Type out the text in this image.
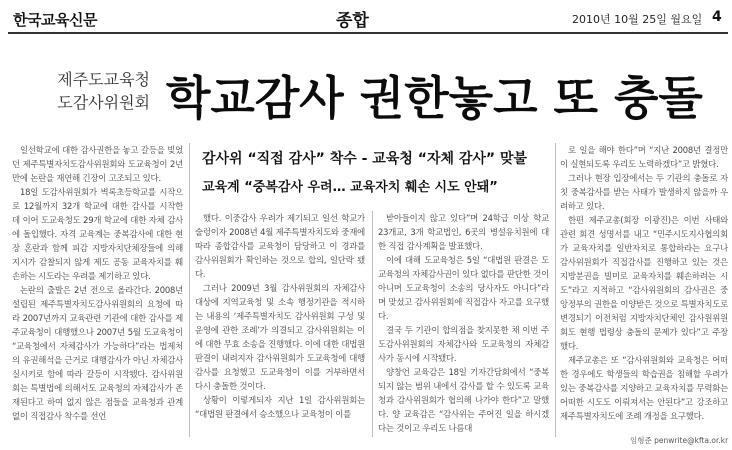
한국교육신문	종합	2010년 10월 25일 월요일 4
제주도교육청
도감사위원회 학교감사 권한놓고 또 충돌
감사위 “직접 감사” 착수 - 교육청 “자체 감사” 맞불
교육계 “중복감사 우려… 교육자치 훼손 시도 안돼”

일선학교에 대한 감사권한을 놓고 갈등을 빚었던 제주특별자치도감사위원회와 도교육청이 2년만에 논란을 재연해 긴장이 고조되고 있다.

18일 도감사위원회가 벽록초등학교를 시작으로 12월까지 32개 학교에 대한 감사를 시작한 데 이어 도교육청도 29개 학교에 대한 자체 감사에 돌입했다. 자격 교육계는 중복감사에 대한 현장 혼란과 함께 피감 지방자치단체장들에 의해 지시가 감찰되지 않게 제도 공동 교육자치를 훼손하는 시도라는 우려를 제기하고 있다.

논란의 출발은 2년 전으로 올라간다. 2008년 설립된 제주특별자치도감사위원회의 요청에 따라 2007년까지 교육관련 기관에 대한 감사를 제주교육청이 대행했으나 2007년 5월 도교육청이 “교육청에서 자체감사가 가능하다”라는 법제처의 유권해석을 근거로 대행감사가 아닌 자체감사 실시키로 함에 따라 갈등이 시작됐다. 감사위원회는 특별법에 의해서도 교육청의 자체감사가 존재된다고 하여 없지 않은 점들을 교육청과 관계없이 직접감사 착수를 선언

했다. 이중감사 우려가 제기되고 일선 학교가 술렁이자 2008년 4월 제주특별자치도와 중재에 따라 종합감사를 교육청이 담당하고 이 경과를 감사위원회가 확인하는 것으로 합의, 일단락 됐다.

그러나 2009년 3월 감사위원회의 자체감사 대상에 지역교육청 및 소속 행정기관을 적시하는 내용의 ‘제주특별자치도 감사위원회 구성 및 운영에 관한 조례’가 의결되고 감사위원회는 이에 대한 무효 소송을 진행했다. 이에 대한 대법원 판결이 내려지자 감사위원회가 도교육청에 대행감사를 요청했고 도교육청이 이를 거부하면서 다시 충돌한 것이다.

상황이 이렇게되자 지난 1일 감사위원회는 “대법원 판결에서 승소했으나 교육청이 이를

받아들이지 않고 있다”며 24학급 이상 학교 23개교, 3개 학교법인, 6곳의 병설유치원에 대한 직접 감사계획을 발표했다.

이에 대해 도교육청은 5일 “대법원 판결은 도교육청의 자체감사권이 있다 없다를 판단한 것이 아니며 도교육청이 소송의 당사자도 아니다”라며 맞섰고 감사위원회에 직접감사 자고를 요구했다.

결국 두 기관이 합의점을 찾지못한 채 이번 주 도감사위원회의 자체감사와 도교육청의 자체감사가 동시에 시작됐다.

양창언 교육감은 18일 기자간담회에서 “중복되지 않는 범위 내에서 감사를 할 수 있도록 교육청과 감사위원회가 협의해 나가야 한다”고 말했다. 양 교육감은 “감사위는 주어진 일을 하시겠다는 것이고 우리도 나름대

로 일을 해야 한다”며 “지난 2008년 결정만이 실현되도록 우리도 노력하겠다”고 밝혔다.

그러나 현장 입장에서는 두 기관의 충돌로 자칫 중복감사를 받는 사태가 발생하지 않을까 우려하고 있다.

한편 제주교총(회장 이광진)은 이번 사태와 관련 회견 성명서를 내고 “민주시도지사협의회가 교육자치를 일반자치로 통합하라는 요구나 감사위원회가 직접감사를 진행하고 있는 것은 지방분권을 빌미로 교육자치를 훼손하려는 시도”라고 지적하고 “감사위원회의 감사권은 중앙정부의 권한을 이양받은 것으로 특별자치도로 변경되기 이전처럼 지방자치단체인 감사원위원회도 현행 법령상 충돌의 문제가 있다”고 주장했다.

제주교총은 또 “감사위원회와 교육청은 어떠한 경우에도 학생들의 학습권을 침해할 우려가 있는 중복감사를 지양하고 교육자치를 무력화는 어떠한 시도도 이뤄져서는 안된다”고 강조하고 제주특별자치도에 조례 개정을 요구했다.

임형준 penwrite@kfta.or.kr
